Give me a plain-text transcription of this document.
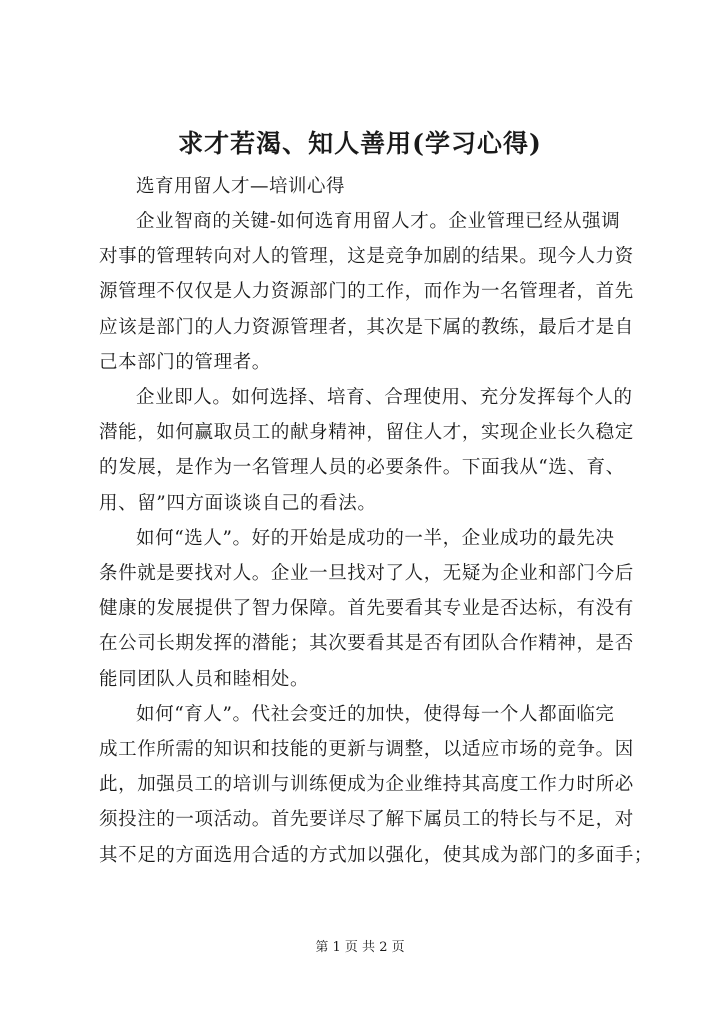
求才若渴、知人善用(学习心得)
选育用留人才—培训心得

企业智商的关键-如何选育用留人才。企业管理已经从强调
对事的管理转向对人的管理，这是竞争加剧的结果。现今人力资
源管理不仅仅是人力资源部门的工作，而作为一名管理者，首先
应该是部门的人力资源管理者，其次是下属的教练，最后才是自
己本部门的管理者。

企业即人。如何选择、培育、合理使用、充分发挥每个人的
潜能，如何赢取员工的献身精神，留住人才，实现企业长久稳定
的发展，是作为一名管理人员的必要条件。下面我从“选、育、
用、留”四方面谈谈自己的看法。

如何“选人”。好的开始是成功的一半，企业成功的最先决
条件就是要找对人。企业一旦找对了人，无疑为企业和部门今后
健康的发展提供了智力保障。首先要看其专业是否达标，有没有
在公司长期发挥的潜能；其次要看其是否有团队合作精神，是否
能同团队人员和睦相处。

如何“育人”。代社会变迁的加快，使得每一个人都面临完
成工作所需的知识和技能的更新与调整，以适应市场的竞争。因
此，加强员工的培训与训练便成为企业维持其高度工作力时所必
须投注的一项活动。首先要详尽了解下属员工的特长与不足，对
其不足的方面选用合适的方式加以强化，使其成为部门的多面手；

第 1 页 共 2 页
